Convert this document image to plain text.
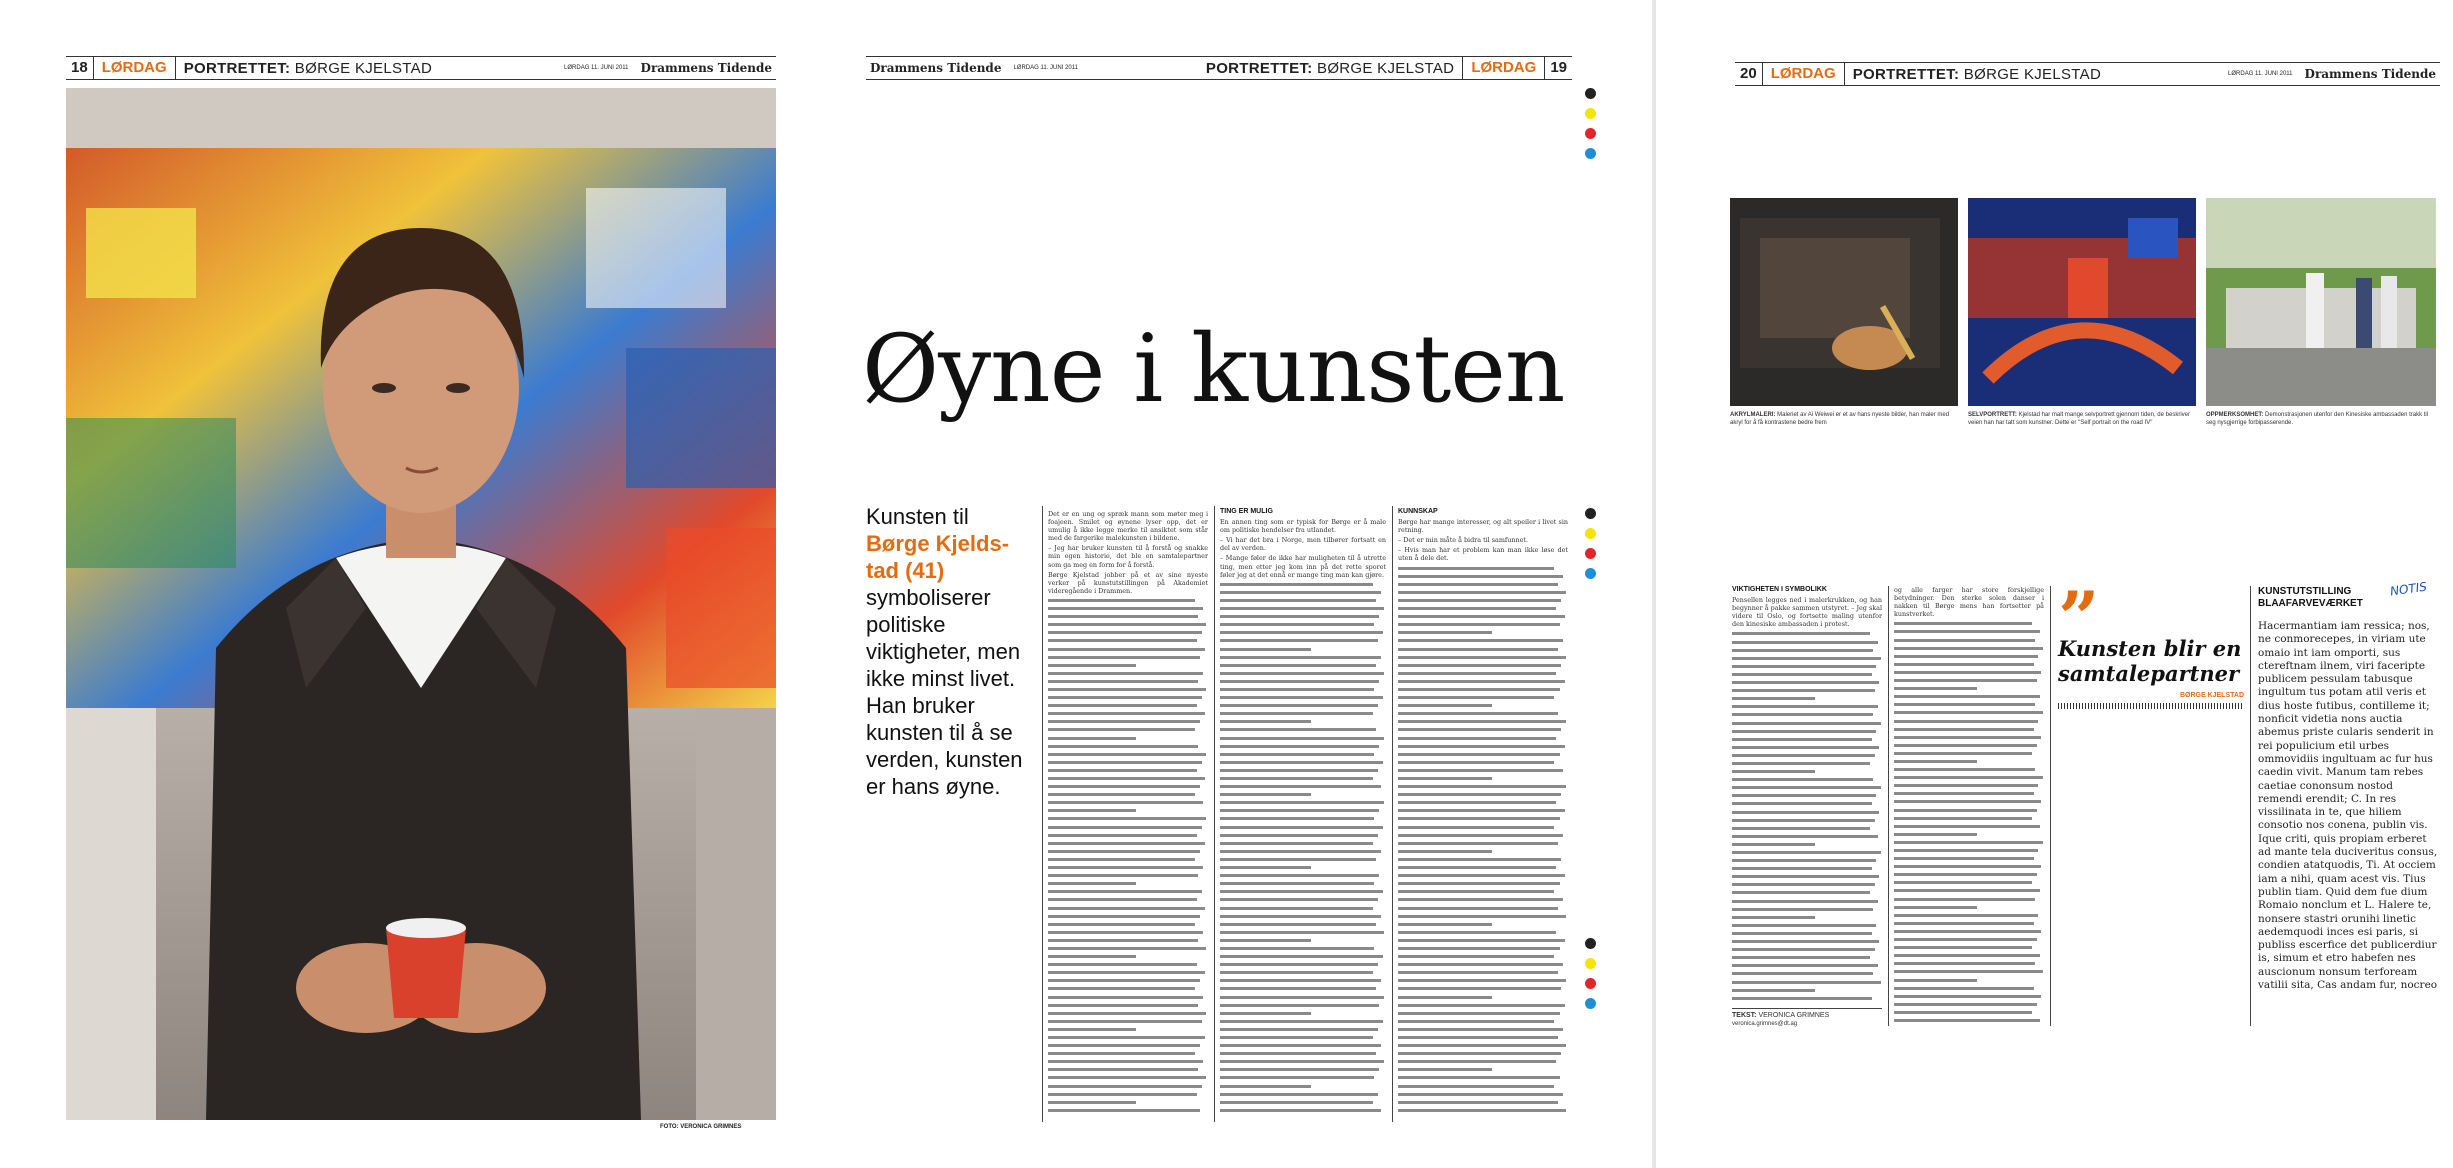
18 LØRDAG	PORTRETTET: BØRGE KJELSTAD	LØRDAG 11. JUNI 2011	Drammens Tidende
FOTO: VERONICA GRIMNES
Drammens Tidende	LØRDAG 11. JUNI 2011	PORTRETTET: BØRGE KJELSTAD	LØRDAG 19
Øyne i kunsten
Kunsten til Børge Kjelds-tad (41) symboliserer politiske viktigheter, men ikke minst livet. Han bruker kunsten til å se verden, kunsten er hans øyne.

Det er en ung og spræk mann som møter meg i foajeen. Smilet og øynene lyser opp, det er umulig å ikke legge merke til ansiktet som står med de fargerike malekunsten i bildene.

– Jeg har bruker kunsten til å forstå og snakke min egen historie, det ble en samtalepartner som ga meg en form for å forstå.

Børge Kjelstad jobber på et av sine nyeste verker på kunstutstillingen på Akademiet videregående i Drammen.

TING ER MULIG

En annen ting som er typisk for Børge er å male om politiske hendelser fra utlandet.

– Vi har det bra i Norge, men tilbører fortsatt en del av verden.

– Mange føler de ikke har muligheten til å utrette ting, men etter jeg kom inn på det rette sporet føler jeg at det ennå er mange ting man kan gjøre.

KUNNSKAP

Børge har mange interesser, og alt speiler i livet sin retning.

– Det er min måte å bidra til samfunnet.

– Hvis man har et problem kan man ikke løse det uten å dele det.

20 LØRDAG	PORTRETTET: BØRGE KJELSTAD	LØRDAG 11. JUNI 2011	Drammens Tidende
AKRYLMALERI: Maleriet av Ai Weiwei er et av hans nyeste bilder, han maler med akryl for å få kontrastene bedre frem
SELVPORTRETT: Kjelstad har malt mange selvportrett gjennom tiden, de beskriver veien han har tatt som kunstner. Dette er "Self portrait on the road IV"
OPPMERKSOMHET: Demonstrasjonen utenfor den Kinesiske ambassaden trakk til seg nysgjerrige forbipasserende.
VIKTIGHETEN I SYMBOLIKK

Pensellen legges ned i malerkrukken, og han begynner å pakke sammen utstyret. – Jeg skal videre til Oslo, og fortsette maling utenfor den kinesiske ambassaden i protest.

og alle farger har store forskjellige betydninger. Den sterke solen danser i nakken til Børge mens han fortsetter på kunstverket.

TEKST: VERONICA GRIMNES
veronica.grimnes@dt.ag
”
Kunsten blir en samtalepartner
BØRGE KJELSTAD
KUNSTUTSTILLING BLAAFARVEVÆRKET
NOTIS
Hacermantiam iam ressica; nos, ne conmorecepes, in viriam ute omaio int iam omporti, sus ctereftnam ilnem, viri faceripte publicem pessulam tabusque ingultum tus potam atil veris et dius hoste futibus, contilleme it; nonficit videtia nons auctia abemus priste cularis senderit in rei populicium etil urbes ommovidiis ingultuam ac fur hus caedin vivit. Manum tam rebes caetiae cononsum nostod remendi erendit; C. In res vissilinata in te, que hiliem consotio nos conena, publin vis. Ique criti, quis propiam erberet ad mante tela duciveritus consus, condien atatquodis, Ti. At occiem iam a nihi, quam acest vis. Tius publin tiam. Quid dem fue dium Romaio nonclum et L. Halere te, nonsere stastri orunihi linetic aedemquodi inces esi paris, si publiss escerfice det publicerdiur is, simum et etro habefen nes auscionum nonsum terfoream vatilii sita, Cas andam fur, nocreo
